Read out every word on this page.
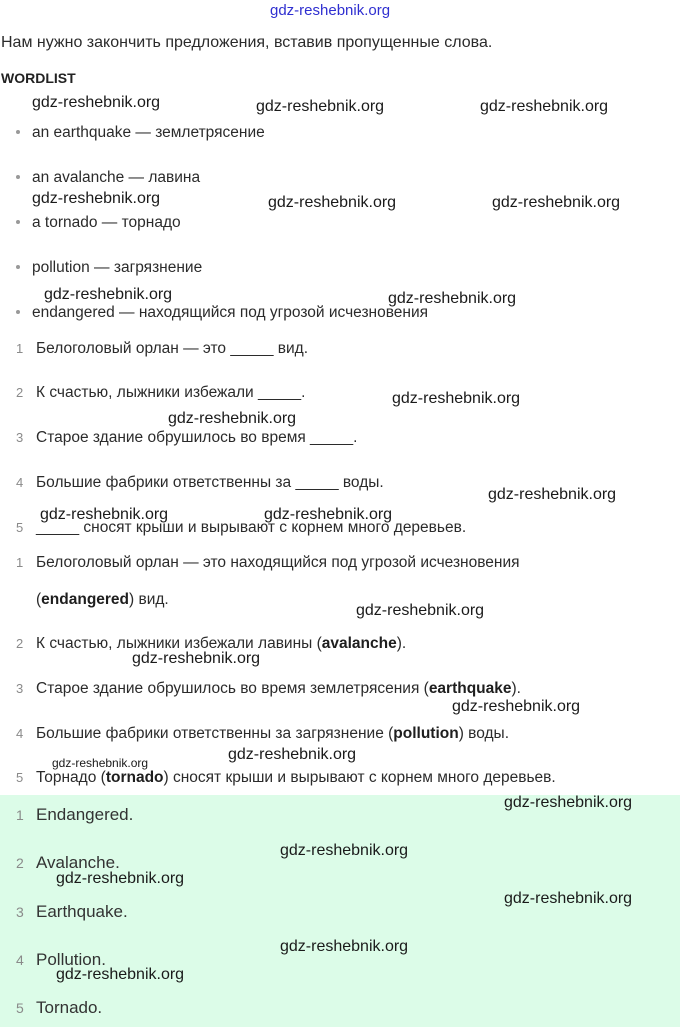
gdz-reshebnik.org
Нам нужно закончить предложения, вставив пропущенные слова.
WORDLIST
an earthquake — землетрясение
an avalanche — лавина
a tornado — торнадо
pollution — загрязнение
endangered — находящийся под угрозой исчезновения
1 Белоголовый орлан — это _____ вид.
2 К счастью, лыжники избежали _____.
3 Старое здание обрушилось во время _____.
4 Большие фабрики ответственны за _____ воды.
5 _____ сносят крыши и вырывают с корнем много деревьев.
1 Белоголовый орлан — это находящийся под угрозой исчезновения
(endangered) вид.
2 К счастью, лыжники избежали лавины (avalanche).
3 Старое здание обрушилось во время землетрясения (earthquake).
4 Большие фабрики ответственны за загрязнение (pollution) воды.
5 Торнадо (tornado) сносят крыши и вырывают с корнем много деревьев.
1 Endangered.
2 Avalanche.
3 Earthquake.
4 Pollution.
5 Tornado.
gdz-reshebnik.org	gdz-reshebnik.org	gdz-reshebnik.org
gdz-reshebnik.org	gdz-reshebnik.org	gdz-reshebnik.org
gdz-reshebnik.org	gdz-reshebnik.org
gdz-reshebnik.org
gdz-reshebnik.org
gdz-reshebnik.org
gdz-reshebnik.org	gdz-reshebnik.org
gdz-reshebnik.org
gdz-reshebnik.org
gdz-reshebnik.org
gdz-reshebnik.org	gdz-reshebnik.org
gdz-reshebnik.org
gdz-reshebnik.org
gdz-reshebnik.org
gdz-reshebnik.org
gdz-reshebnik.org
gdz-reshebnik.org
